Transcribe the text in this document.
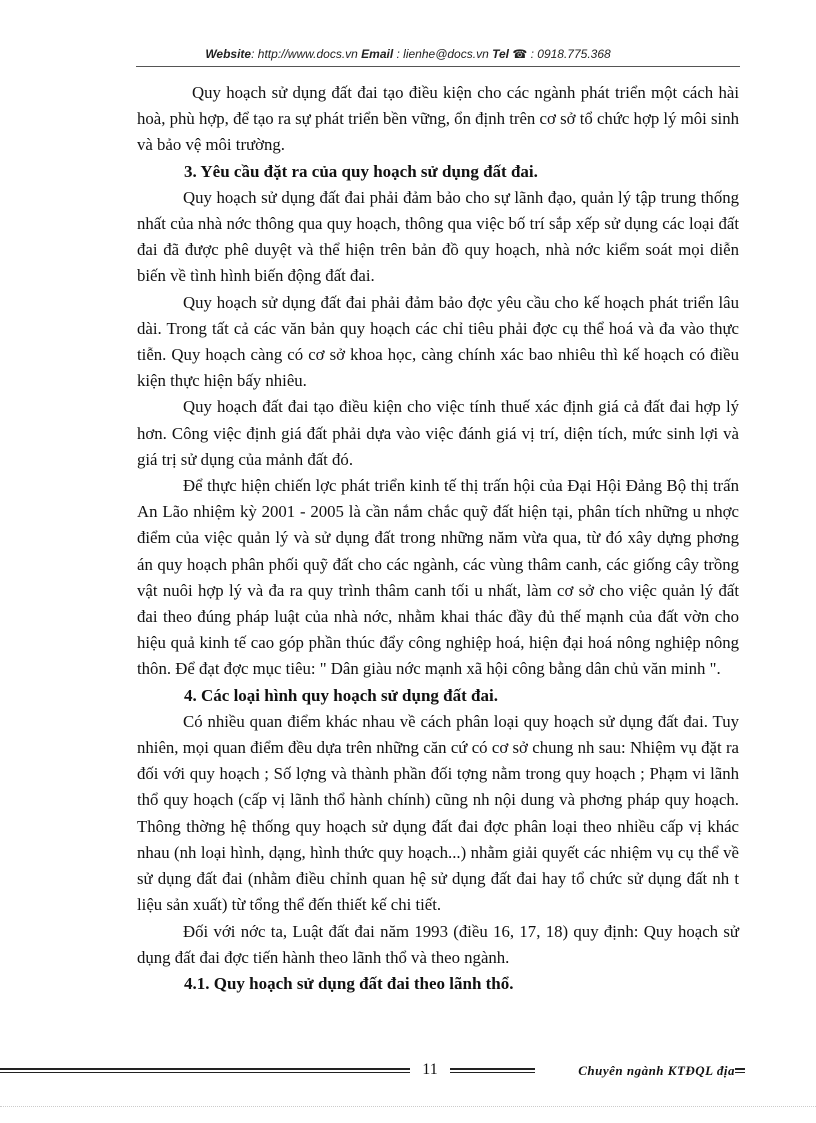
Website: http://www.docs.vn Email : lienhe@docs.vn Tel ☎ : 0918.775.368

Quy hoạch sử dụng đất đai tạo điều kiện cho các ngành phát triển một cách hài hoà, phù hợp, để tạo ra sự phát triển bền vững, ổn định trên cơ sở tổ chức hợp lý môi sinh và bảo vệ môi trường.

3. Yêu cầu đặt ra của quy hoạch sử dụng đất đai.

Quy hoạch sử dụng đất đai phải đảm bảo cho sự lãnh đạo, quản lý tập trung thống nhất của nhà nớc thông qua quy hoạch, thông qua việc bố trí sắp xếp sử dụng các loại đất đai đã được phê duyệt và thể hiện trên bản đồ quy hoạch, nhà nớc kiểm soát mọi diễn biến về tình hình biến động đất đai.

Quy hoạch sử dụng đất đai phải đảm bảo đợc yêu cầu cho kế hoạch phát triển lâu dài. Trong tất cả các văn bản quy hoạch các chỉ tiêu phải đợc cụ thể hoá và đa vào thực tiễn. Quy hoạch càng có cơ sở khoa học, càng chính xác bao nhiêu thì kế hoạch có điều kiện thực hiện bấy nhiêu.

Quy hoạch đất đai tạo điều kiện cho việc tính thuế xác định giá cả đất đai hợp lý hơn. Công việc định giá đất phải dựa vào việc đánh giá vị trí, diện tích, mức sinh lợi và giá trị sử dụng của mảnh đất đó.

Để thực hiện chiến lợc phát triển kinh tế thị trấn hội của Đại Hội Đảng Bộ thị trấn An Lão nhiệm kỳ 2001 - 2005 là cần nắm chắc quỹ đất hiện tại, phân tích những u nhợc điểm của việc quản lý và sử dụng đất trong những năm vừa qua, từ đó xây dựng phơng án quy hoạch phân phối quỹ đất cho các ngành, các vùng thâm canh, các giống cây trồng vật nuôi hợp lý và đa ra quy trình thâm canh tối u nhất, làm cơ sở cho việc quản lý đất đai theo đúng pháp luật của nhà nớc, nhằm khai thác đầy đủ thế mạnh của đất vờn cho hiệu quả kinh tế cao góp phần thúc đẩy công nghiệp hoá, hiện đại hoá nông nghiệp nông thôn. Để đạt đợc mục tiêu: " Dân giàu nớc mạnh xã hội công bằng dân chủ văn minh ".

4. Các loại hình quy hoạch sử dụng đất đai.

Có nhiều quan điểm khác nhau về cách phân loại quy hoạch sử dụng đất đai. Tuy nhiên, mọi quan điểm đều dựa trên những căn cứ có cơ sở chung nh sau: Nhiệm vụ đặt ra đối với quy hoạch ; Số lợng và thành phần đối tợng nằm trong quy hoạch ; Phạm vi lãnh thổ quy hoạch (cấp vị lãnh thổ hành chính) cũng nh nội dung và phơng pháp quy hoạch. Thông thờng hệ thống quy hoạch sử dụng đất đai đợc phân loại theo nhiều cấp vị khác nhau (nh loại hình, dạng, hình thức quy hoạch...) nhằm giải quyết các nhiệm vụ cụ thể về sử dụng đất đai (nhằm điều chỉnh quan hệ sử dụng đất đai hay tổ chức sử dụng đất nh t liệu sản xuất) từ tổng thể đến thiết kế chi tiết.

Đối với nớc ta, Luật đất đai năm 1993 (điều 16, 17, 18) quy định: Quy hoạch sử dụng đất đai đợc tiến hành theo lãnh thổ và theo ngành.

4.1. Quy hoạch sử dụng đất đai theo lãnh thổ.

11	Chuyên ngành KTĐQL địa
